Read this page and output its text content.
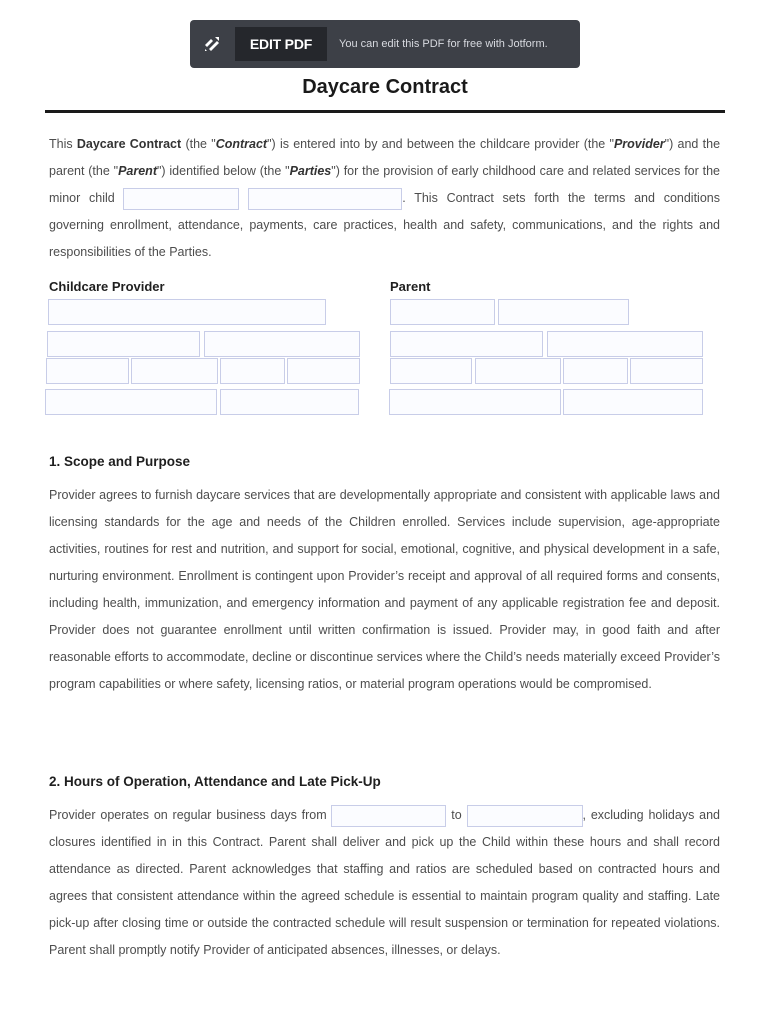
EDIT PDF	You can edit this PDF for free with Jotform.
Daycare Contract
This Daycare Contract (the "Contract") is entered into by and between the childcare provider (the "Provider") and the parent (the "Parent") identified below (the "Parties") for the provision of early childhood care and related services for the minor child	. This Contract sets forth the terms and conditions governing enrollment, attendance, payments, care practices, health and safety, communications, and the rights and responsibilities of the Parties.
Childcare Provider	Parent
1. Scope and Purpose
Provider agrees to furnish daycare services that are developmentally appropriate and consistent with applicable laws and licensing standards for the age and needs of the Children enrolled. Services include supervision, age-appropriate activities, routines for rest and nutrition, and support for social, emotional, cognitive, and physical development in a safe, nurturing environment. Enrollment is contingent upon Provider’s receipt and approval of all required forms and consents, including health, immunization, and emergency information and payment of any applicable registration fee and deposit. Provider does not guarantee enrollment until written confirmation is issued. Provider may, in good faith and after reasonable efforts to accommodate, decline or discontinue services where the Child’s needs materially exceed Provider’s program capabilities or where safety, licensing ratios, or material program operations would be compromised.
2. Hours of Operation, Attendance and Late Pick-Up
Provider operates on regular business days from	to	, excluding holidays and closures identified in in this Contract. Parent shall deliver and pick up the Child within these hours and shall record attendance as directed. Parent acknowledges that staffing and ratios are scheduled based on contracted hours and agrees that consistent attendance within the agreed schedule is essential to maintain program quality and staffing. Late pick-up after closing time or outside the contracted schedule will result suspension or termination for repeated violations. Parent shall promptly notify Provider of anticipated absences, illnesses, or delays.
